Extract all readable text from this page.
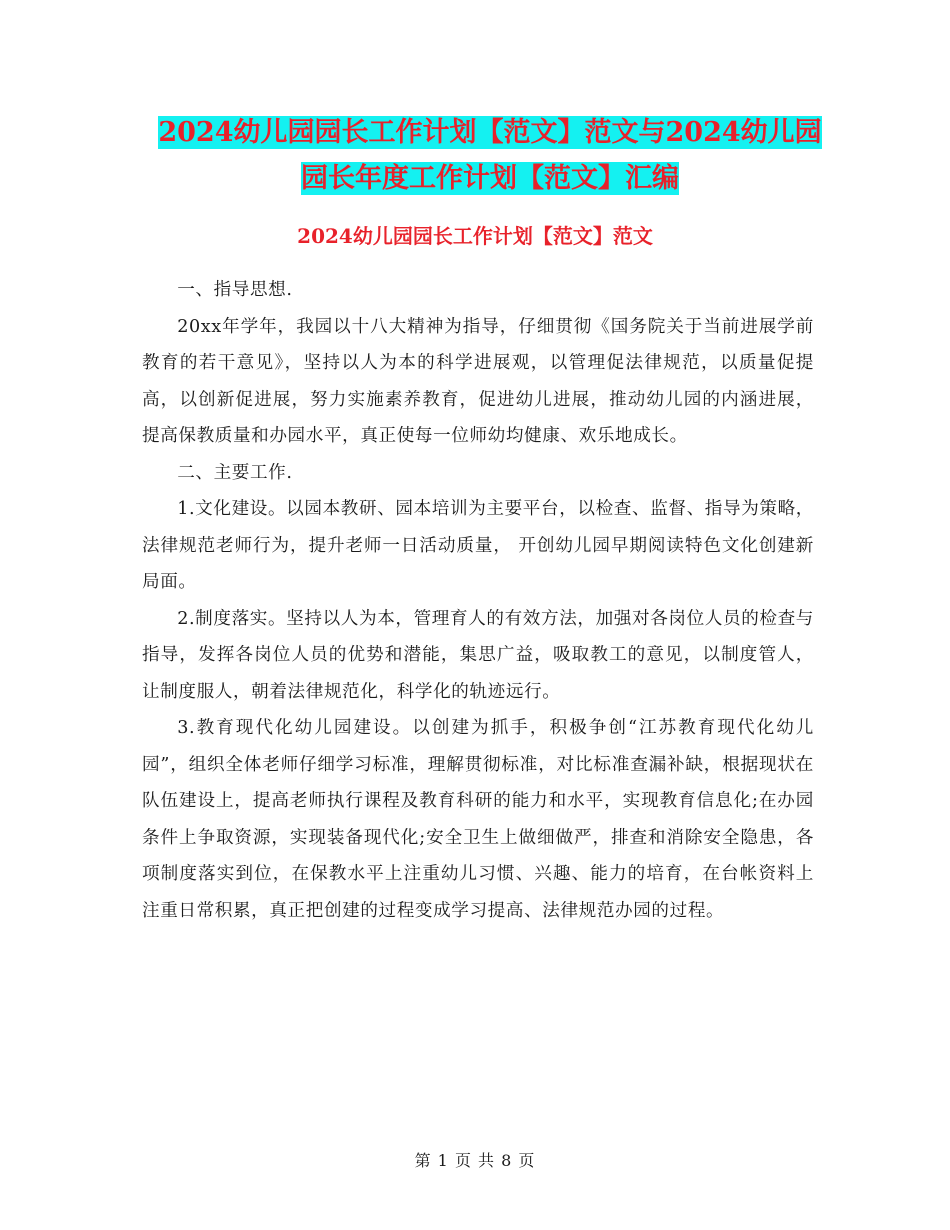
2024幼儿园园长工作计划【范文】范文与2024幼儿园
园长年度工作计划【范文】汇编
2024幼儿园园长工作计划【范文】范文

一、指导思想.

20xx年学年，我园以十八大精神为指导，仔细贯彻《国务院关于当前进展学前教育的若干意见》，坚持以人为本的科学进展观，以管理促法律规范，以质量促提高，以创新促进展，努力实施素养教育，促进幼儿进展，推动幼儿园的内涵进展，提高保教质量和办园水平，真正使每一位师幼均健康、欢乐地成长。

二、主要工作.

1.文化建设。以园本教研、园本培训为主要平台，以检查、监督、指导为策略，法律规范老师行为，提升老师一日活动质量， 开创幼儿园早期阅读特色文化创建新局面。

2.制度落实。坚持以人为本，管理育人的有效方法，加强对各岗位人员的检查与指导，发挥各岗位人员的优势和潜能，集思广益，吸取教工的意见，以制度管人，让制度服人，朝着法律规范化，科学化的轨迹远行。

3.教育现代化幼儿园建设。以创建为抓手，积极争创“江苏教育现代化幼儿园”，组织全体老师仔细学习标准，理解贯彻标准，对比标准查漏补缺，根据现状在队伍建设上，提高老师执行课程及教育科研的能力和水平，实现教育信息化;在办园条件上争取资源，实现装备现代化;安全卫生上做细做严，排查和消除安全隐患，各项制度落实到位，在保教水平上注重幼儿习惯、兴趣、能力的培育，在台帐资料上注重日常积累，真正把创建的过程变成学习提高、法律规范办园的过程。

第 1 页 共 8 页
